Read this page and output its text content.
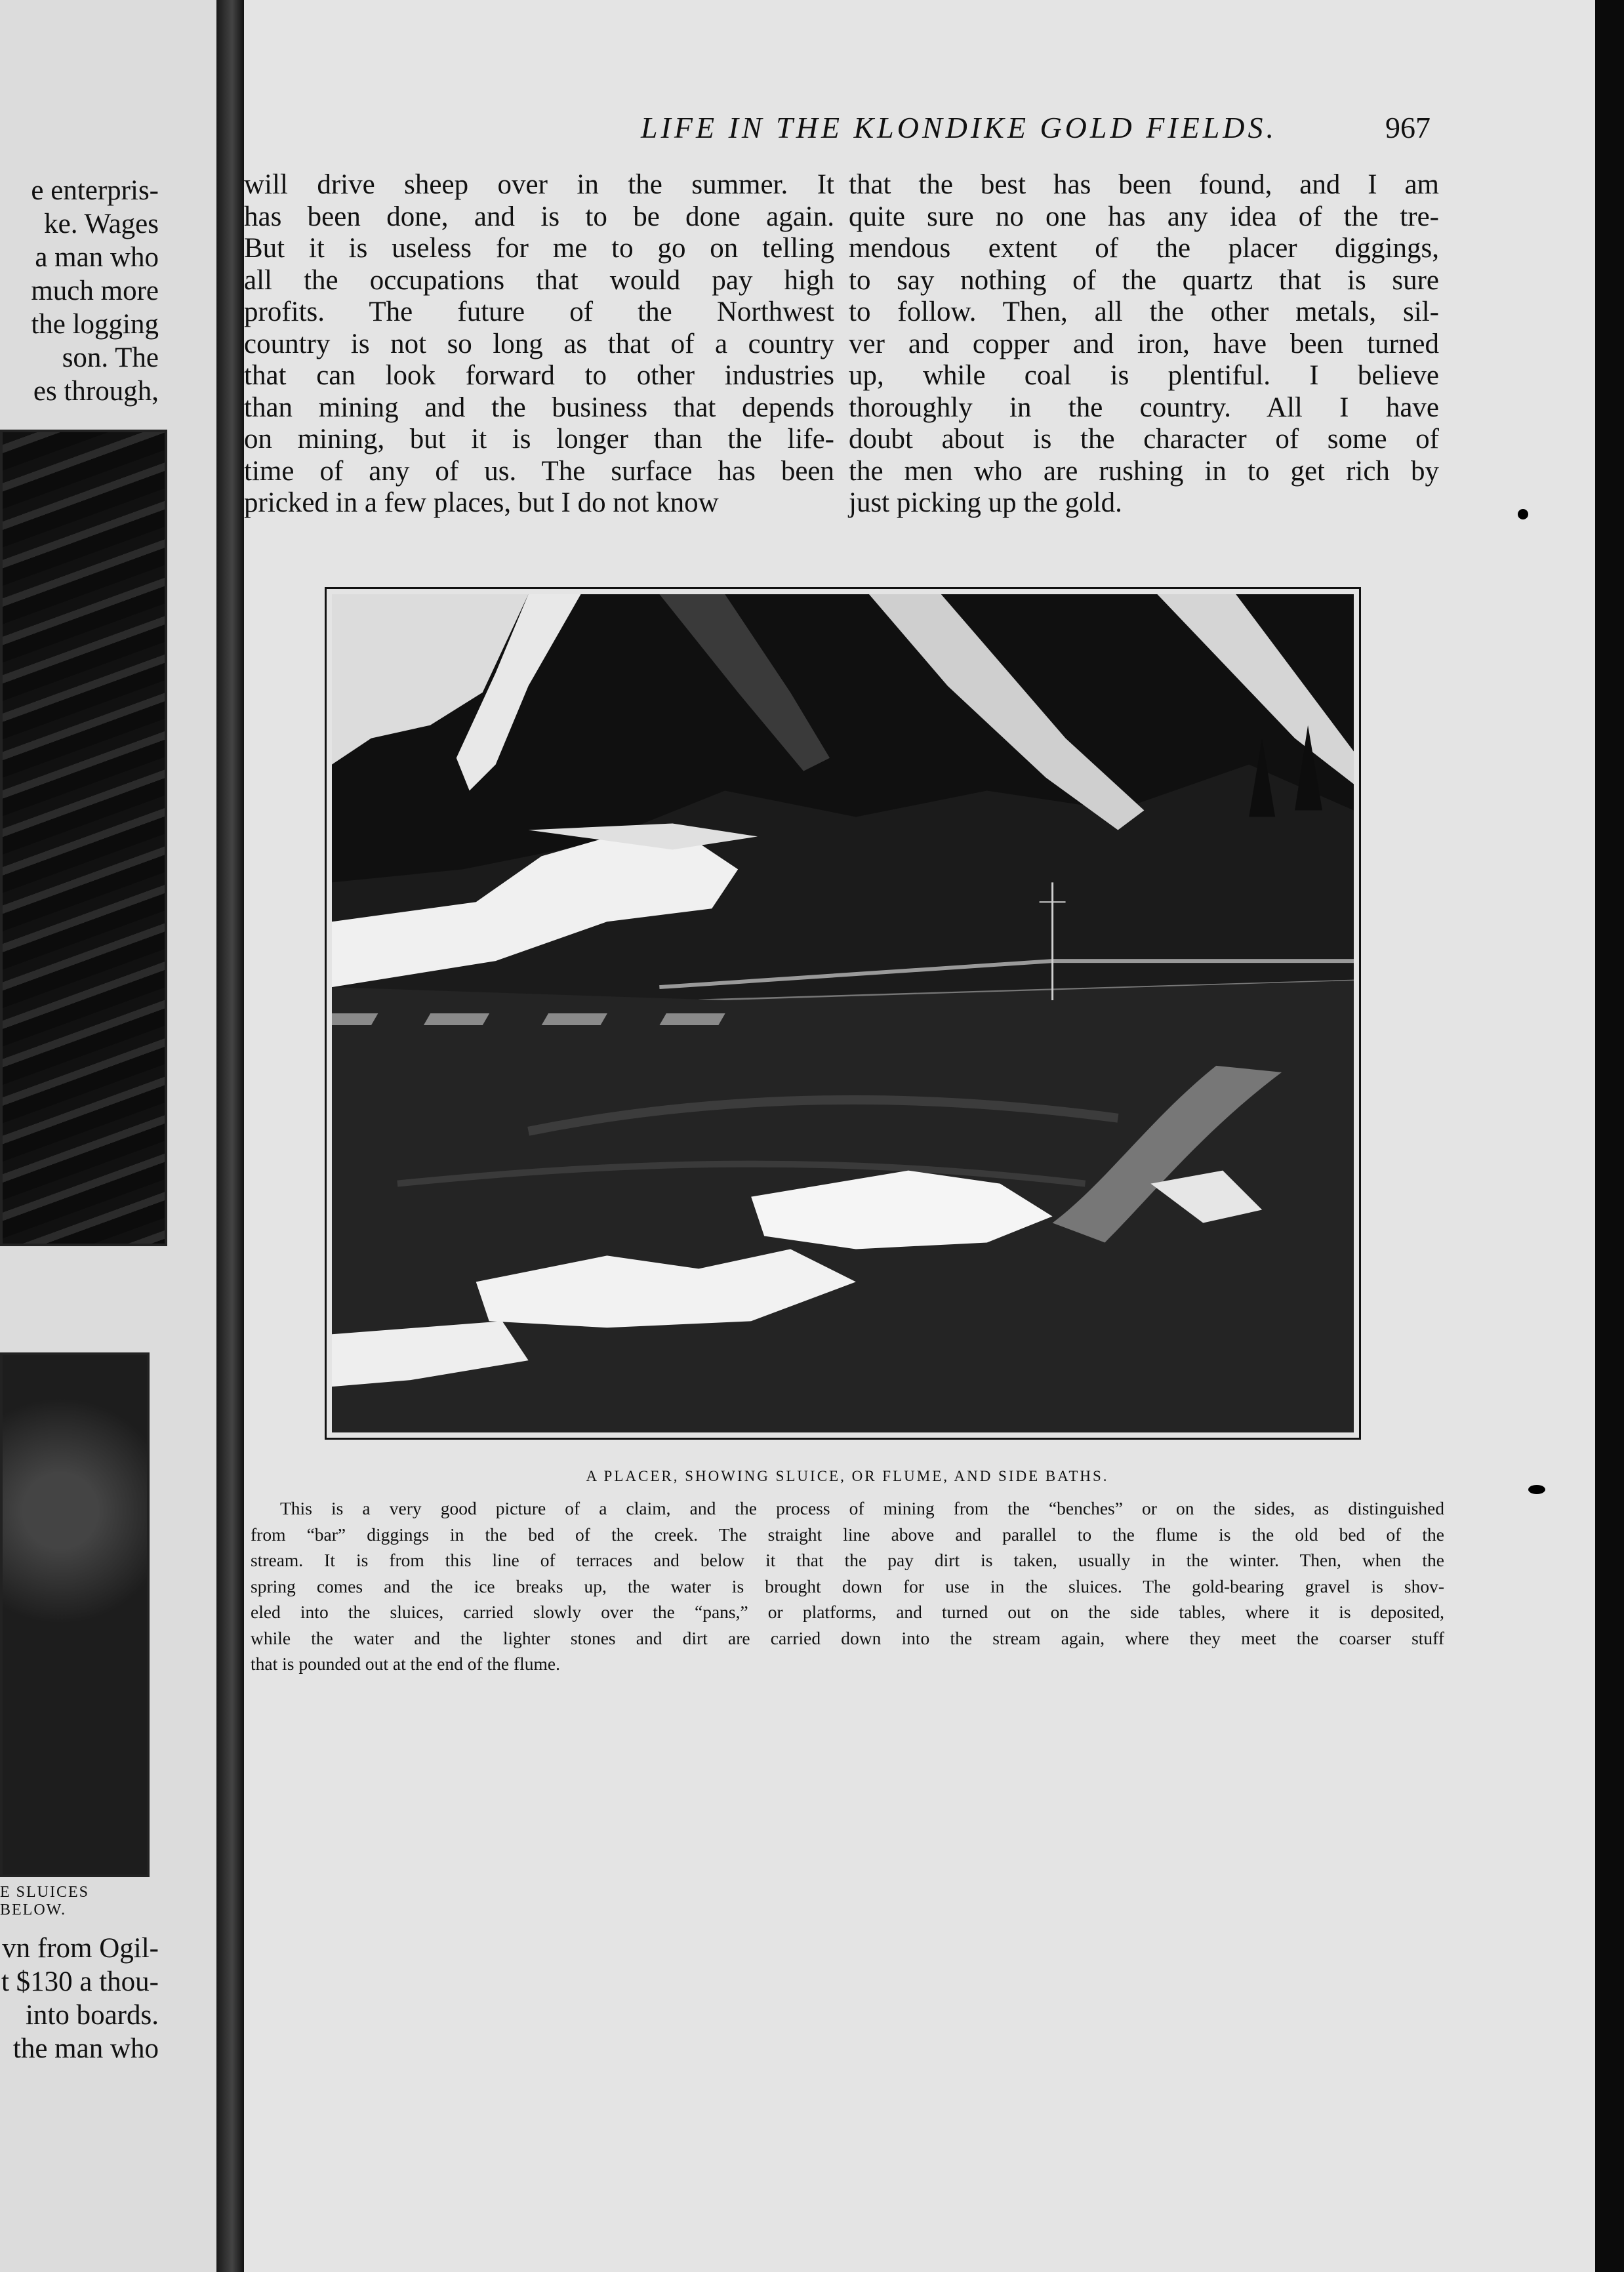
e enterpris-
ke. Wages
a man who
much more
the logging
son. The
es through,
E SLUICES BELOW.
vn from Ogil-
t $130 a thou-
into boards.
the man who
LIFE IN THE KLONDIKE GOLD FIELDS.	967
will drive sheep over in the summer. It
has been done, and is to be done again.
But it is useless for me to go on telling
all the occupations that would pay high
profits. The future of the Northwest
country is not so long as that of a country
that can look forward to other industries
than mining and the business that depends
on mining, but it is longer than the life-
time of any of us. The surface has been
pricked in a few places, but I do not know
that the best has been found, and I am
quite sure no one has any idea of the tre-
mendous extent of the placer diggings,
to say nothing of the quartz that is sure
to follow. Then, all the other metals, sil-
ver and copper and iron, have been turned
up, while coal is plentiful. I believe
thoroughly in the country. All I have
doubt about is the character of some of
the men who are rushing in to get rich by
just picking up the gold.
A PLACER, SHOWING SLUICE, OR FLUME, AND SIDE BATHS.
This is a very good picture of a claim, and the process of mining from the “benches” or on the sides, as distinguished
from “bar” diggings in the bed of the creek. The straight line above and parallel to the flume is the old bed of the
stream. It is from this line of terraces and below it that the pay dirt is taken, usually in the winter. Then, when the
spring comes and the ice breaks up, the water is brought down for use in the sluices. The gold-bearing gravel is shov-
eled into the sluices, carried slowly over the “pans,” or platforms, and turned out on the side tables, where it is deposited,
while the water and the lighter stones and dirt are carried down into the stream again, where they meet the coarser stuff
that is pounded out at the end of the flume.
